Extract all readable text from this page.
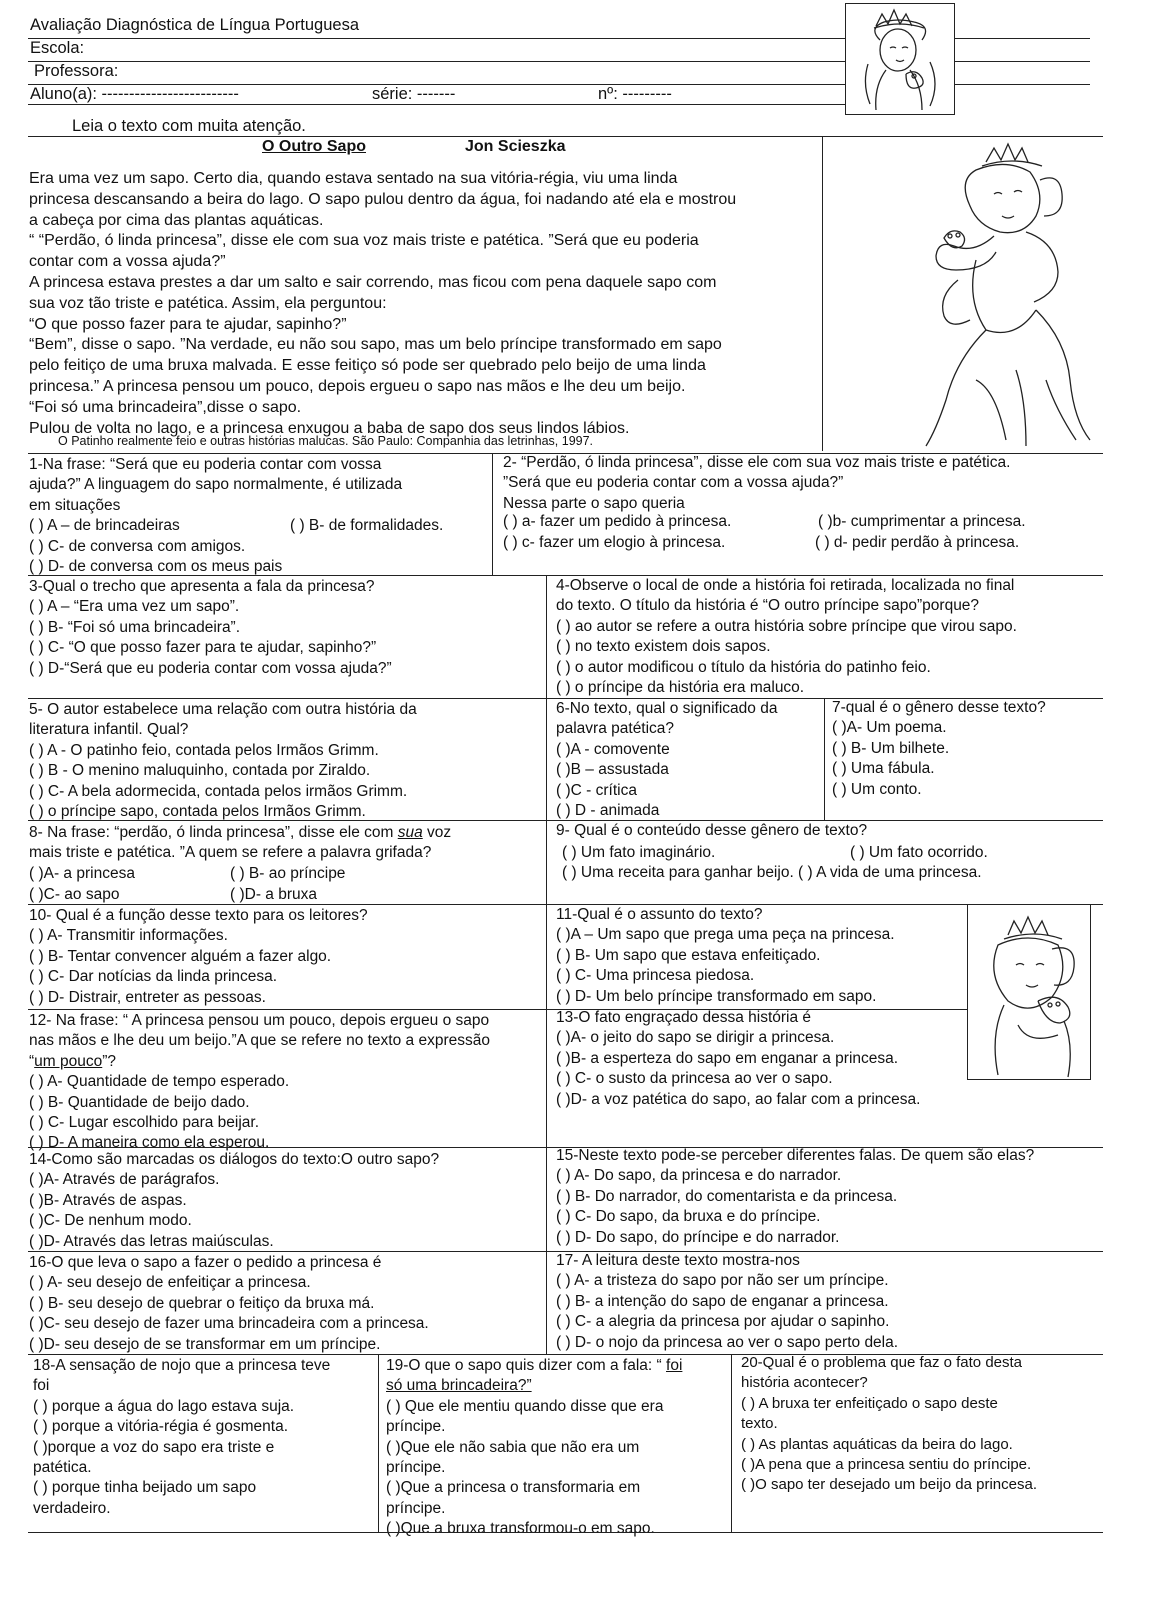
Avaliação Diagnóstica de Língua Portuguesa
Escola:
Professora:
Aluno(a): -------------------------	série: -------	nº: ---------
Leia o texto com muita atenção.
O Outro Sapo	Jon Scieszka
Era uma vez um sapo. Certo dia, quando estava sentado na sua vitória-régia, viu uma linda
princesa descansando a beira do lago. O sapo pulou dentro da água, foi nadando até ela e mostrou
a cabeça por cima das plantas aquáticas.
“ “Perdão, ó linda princesa”, disse ele com sua voz mais triste e patética. ”Será que eu poderia
contar com a vossa ajuda?”
A princesa estava prestes a dar um salto e sair correndo, mas ficou com pena daquele sapo com
sua voz tão triste e patética. Assim, ela perguntou:
“O que posso fazer para te ajudar, sapinho?”
“Bem”, disse o sapo. ”Na verdade, eu não sou sapo, mas um belo príncipe transformado em sapo
pelo feitiço de uma bruxa malvada. E esse feitiço só pode ser quebrado pelo beijo de uma linda
princesa.” A princesa pensou um pouco, depois ergueu o sapo nas mãos e lhe deu um beijo.
“Foi só uma brincadeira”,disse o sapo.
Pulou de volta no lago, e a princesa enxugou a baba de sapo dos seus lindos lábios.
O Patinho realmente feio e outras histórias malucas. São Paulo: Companhia das letrinhas, 1997.
1-Na frase: “Será que eu poderia contar com vossa
ajuda?” A linguagem do sapo normalmente, é utilizada
em situações
( ) A – de brincadeiras	( ) B- de formalidades.
( ) C- de conversa com amigos.
( ) D- de conversa com os meus pais
2- “Perdão, ó linda princesa”, disse ele com sua voz mais triste e patética.
”Será que eu poderia contar com a vossa ajuda?”
Nessa parte o sapo queria
( ) a- fazer um pedido à princesa.	( )b- cumprimentar a princesa.
( ) c- fazer um elogio à princesa.	( ) d- pedir perdão à princesa.
3-Qual o trecho que apresenta a fala da princesa?
( ) A – “Era uma vez um sapo”.
( ) B- “Foi só uma brincadeira”.
( ) C- “O que posso fazer para te ajudar, sapinho?”
( ) D-“Será que eu poderia contar com vossa ajuda?”
4-Observe o local de onde a história foi retirada, localizada no final
do texto. O título da história é “O outro príncipe sapo”porque?
( ) ao autor se refere a outra história sobre príncipe que virou sapo.
( ) no texto existem dois sapos.
( ) o autor modificou o título da história do patinho feio.
( ) o príncipe da história era maluco.
5- O autor estabelece uma relação com outra história da
literatura infantil. Qual?
( ) A - O patinho feio, contada pelos Irmãos Grimm.
( ) B - O menino maluquinho, contada por Ziraldo.
( ) C- A bela adormecida, contada pelos irmãos Grimm.
( ) o príncipe sapo, contada pelos Irmãos Grimm.
6-No texto, qual o significado da
palavra patética?
( )A - comovente
( )B – assustada
( )C - crítica
( ) D - animada
7-qual é o gênero desse texto?
( )A- Um poema.
( ) B- Um bilhete.
( ) Uma fábula.
( ) Um conto.
8- Na frase: “perdão, ó linda princesa”, disse ele com sua voz
mais triste e patética. ”A quem se refere a palavra grifada?
( )A- a princesa	( ) B- ao príncipe
( )C- ao sapo	( )D- a bruxa
9- Qual é o conteúdo desse gênero de texto?
( ) Um fato imaginário.	( ) Um fato ocorrido.
( ) Uma receita para ganhar beijo. ( ) A vida de uma princesa.
10- Qual é a função desse texto para os leitores?
( ) A- Transmitir informações.
( ) B- Tentar convencer alguém a fazer algo.
( ) C- Dar notícias da linda princesa.
( ) D- Distrair, entreter as pessoas.
11-Qual é o assunto do texto?
( )A – Um sapo que prega uma peça na princesa.
( ) B- Um sapo que estava enfeitiçado.
( ) C- Uma princesa piedosa.
( ) D- Um belo príncipe transformado em sapo.
12- Na frase: “ A princesa pensou um pouco, depois ergueu o sapo
nas mãos e lhe deu um beijo.”A que se refere no texto a expressão
“um pouco”?
( ) A- Quantidade de tempo esperado.
( ) B- Quantidade de beijo dado.
( ) C- Lugar escolhido para beijar.
( ) D- A maneira como ela esperou.
13-O fato engraçado dessa história é
( )A- o jeito do sapo se dirigir a princesa.
( )B- a esperteza do sapo em enganar a princesa.
( ) C- o susto da princesa ao ver o sapo.
( )D- a voz patética do sapo, ao falar com a princesa.
14-Como são marcadas os diálogos do texto:O outro sapo?
( )A- Através de parágrafos.
( )B- Através de aspas.
( )C- De nenhum modo.
( )D- Através das letras maiúsculas.
15-Neste texto pode-se perceber diferentes falas. De quem são elas?
( ) A- Do sapo, da princesa e do narrador.
( ) B- Do narrador, do comentarista e da princesa.
( ) C- Do sapo, da bruxa e do príncipe.
( ) D- Do sapo, do príncipe e do narrador.
16-O que leva o sapo a fazer o pedido a princesa é
( ) A- seu desejo de enfeitiçar a princesa.
( ) B- seu desejo de quebrar o feitiço da bruxa má.
( )C- seu desejo de fazer uma brincadeira com a princesa.
( )D- seu desejo de se transformar em um príncipe.
17- A leitura deste texto mostra-nos
( ) A- a tristeza do sapo por não ser um príncipe.
( ) B- a intenção do sapo de enganar a princesa.
( ) C- a alegria da princesa por ajudar o sapinho.
( ) D- o nojo da princesa ao ver o sapo perto dela.
18-A sensação de nojo que a princesa teve
foi
( ) porque a água do lago estava suja.
( ) porque a vitória-régia é gosmenta.
( )porque a voz do sapo era triste e
patética.
( ) porque tinha beijado um sapo
verdadeiro.
19-O que o sapo quis dizer com a fala: “ foi
só uma brincadeira?”
( ) Que ele mentiu quando disse que era
príncipe.
( )Que ele não sabia que não era um
príncipe.
( )Que a princesa o transformaria em
príncipe.
( )Que a bruxa transformou-o em sapo.
20-Qual é o problema que faz o fato desta
história acontecer?
( ) A bruxa ter enfeitiçado o sapo deste
texto.
( ) As plantas aquáticas da beira do lago.
( )A pena que a princesa sentiu do príncipe.
( )O sapo ter desejado um beijo da princesa.
